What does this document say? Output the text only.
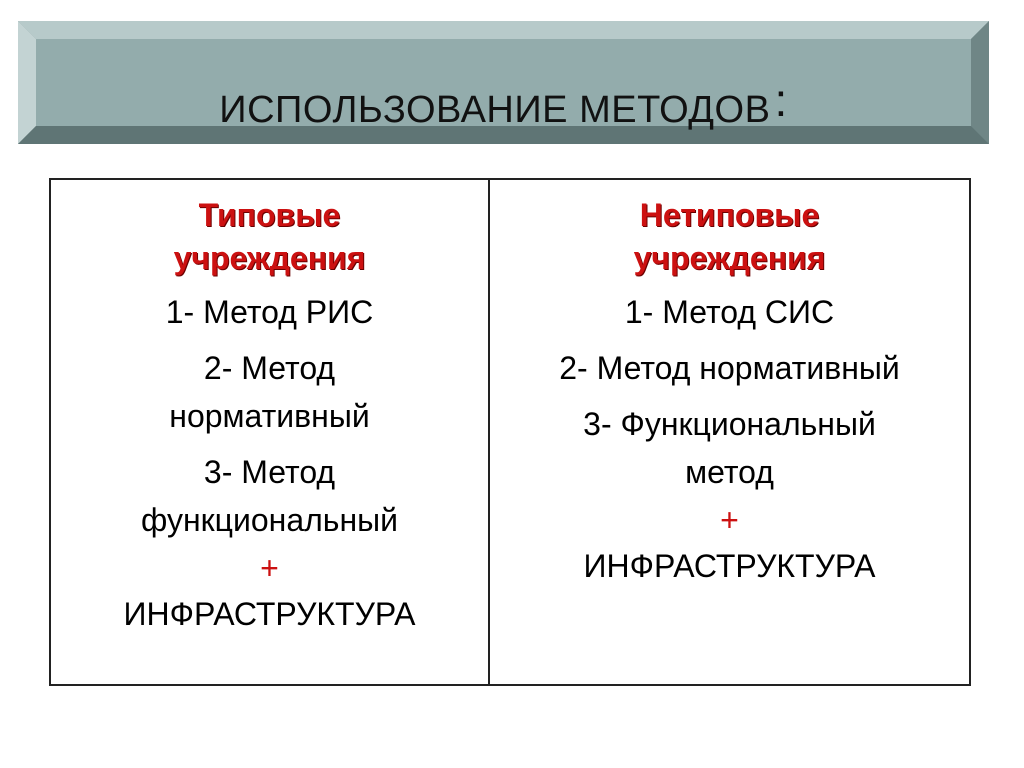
ИСПОЛЬЗОВАНИЕ МЕТОДОВ:
Типовые
учреждения
1- Метод РИС
2- Метод
нормативный
3- Метод
функциональный
+
ИНФРАСТРУКТУРА
Нетиповые
учреждения
1- Метод СИС
2- Метод нормативный
3- Функциональный
метод
+
ИНФРАСТРУКТУРА
